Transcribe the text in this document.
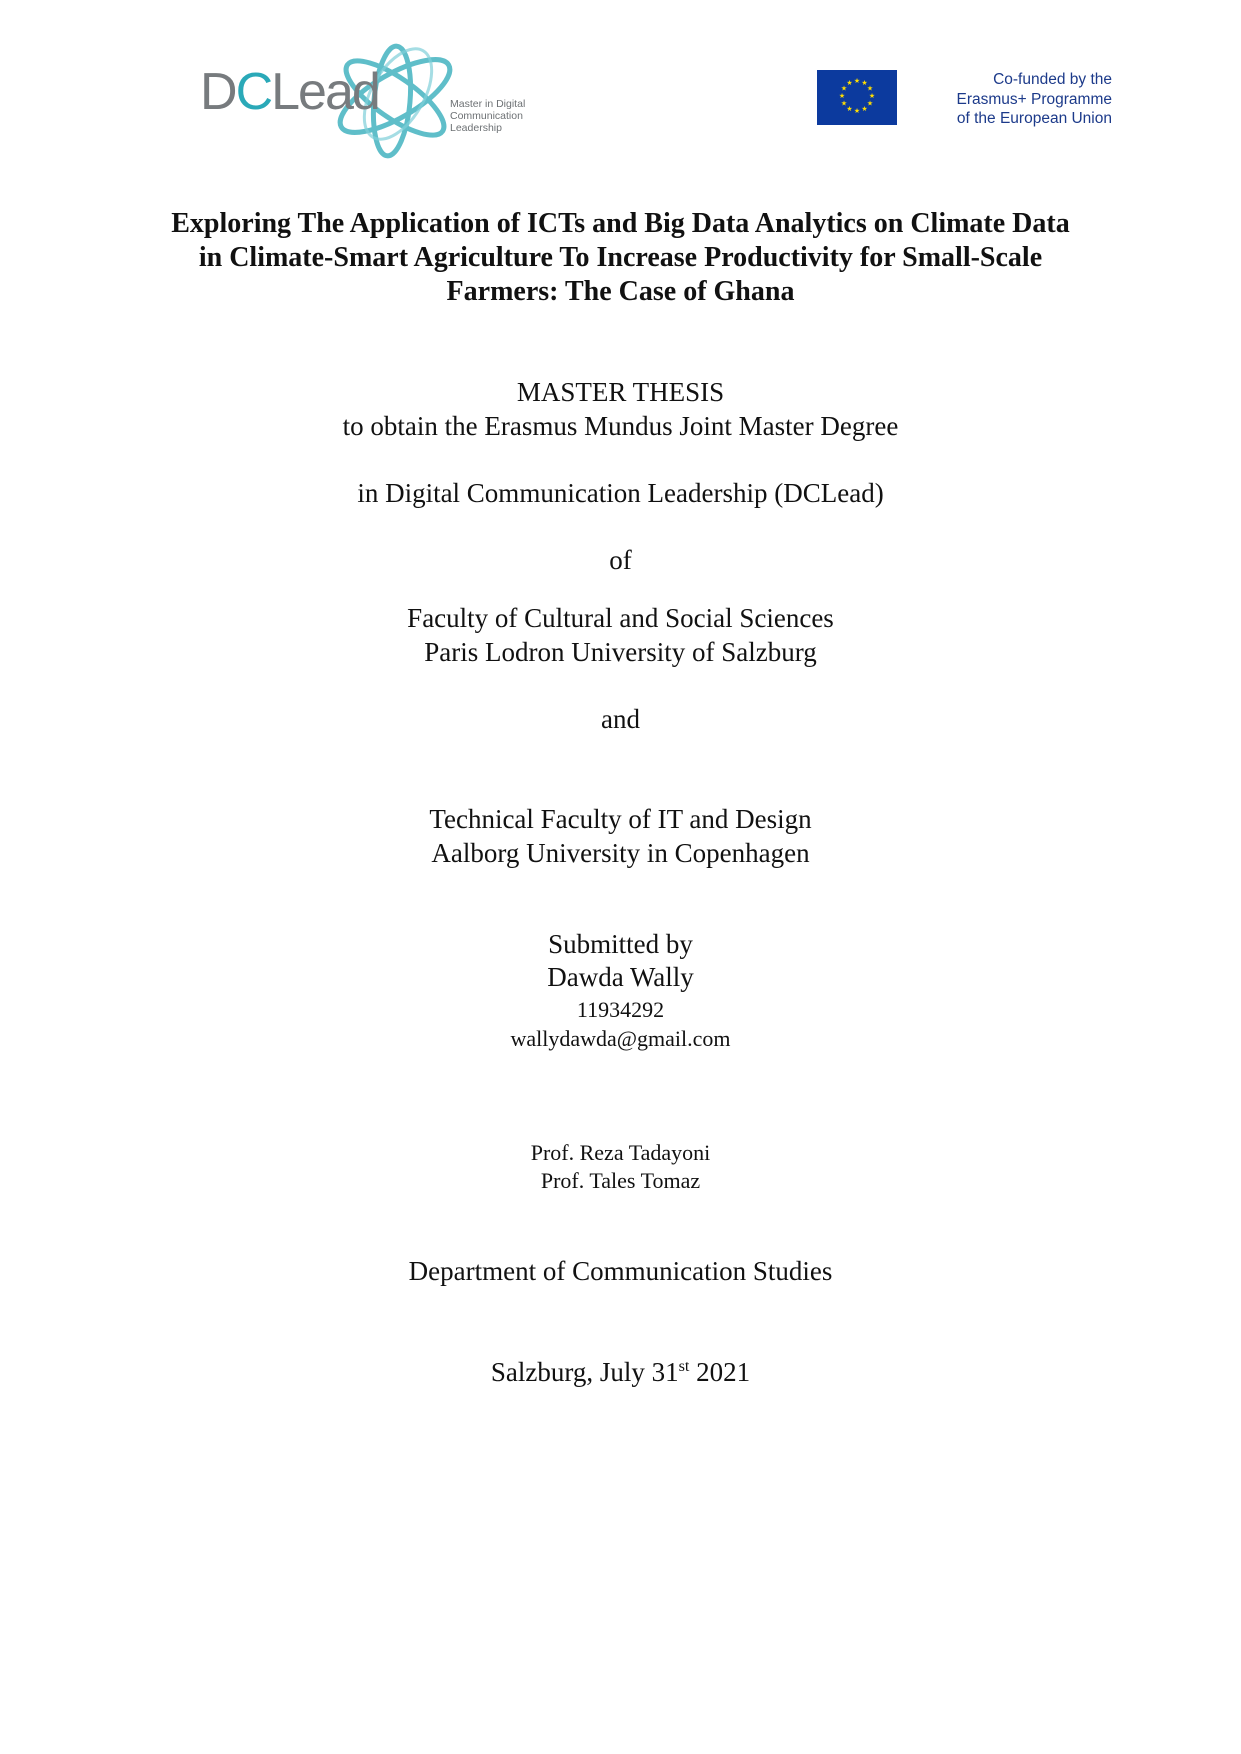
DCLead	Master in Digital
Communication
Leadership
★ ★
★
★
★
★
★
★
★
★
★
★	Co-funded by the
Erasmus+ Programme
of the European Union
Exploring The Application of ICTs and Big Data Analytics on Climate Data
in Climate-Smart Agriculture To Increase Productivity for Small-Scale
Farmers: The Case of Ghana
MASTER THESIS
to obtain the Erasmus Mundus Joint Master Degree
in Digital Communication Leadership (DCLead)
of
Faculty of Cultural and Social Sciences
Paris Lodron University of Salzburg
and
Technical Faculty of IT and Design
Aalborg University in Copenhagen
Submitted by
Dawda Wally
11934292
wallydawda@gmail.com
Prof. Reza Tadayoni
Prof. Tales Tomaz
Department of Communication Studies
Salzburg, July 31st 2021
